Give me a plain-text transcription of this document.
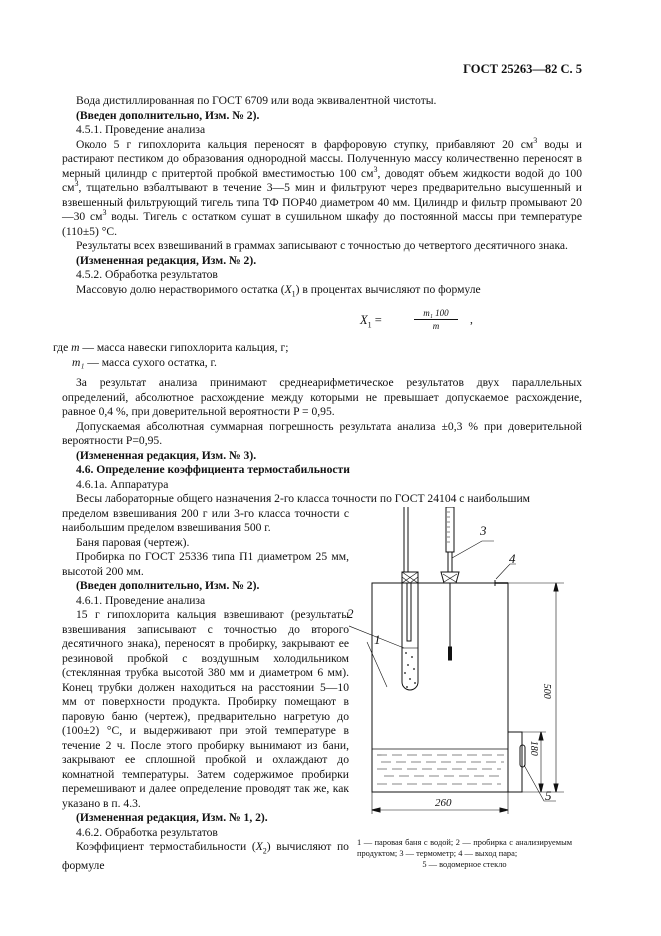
ГОСТ 25263—82 С. 5

Вода дистиллированная по ГОСТ 6709 или вода эквивалентной чистоты.

(Введен дополнительно, Изм. № 2).

4.5.1. Проведение анализа

Около 5 г гипохлорита кальция переносят в фарфоровую ступку, прибавляют 20 $см^3$ воды и растирают пестиком до образования однородной массы. Полученную массу количественно переносят в мерный цилиндр с притертой пробкой вместимостью 100 $см^3$, доводят объем жидкости водой до 100 $см^3$, тщательно взбалтывают в течение 3—5 мин и фильтруют через предварительно высушенный и взвешенный фильтрующий тигель типа ТФ ПОР40 диаметром 40 мм. Цилиндр и фильтр промывают 20—30 $см^3$ воды. Тигель с остатком сушат в сушильном шкафу до постоянной массы при температуре (110±5) °С.

Результаты всех взвешиваний в граммах записывают с точностью до четвертого десятичного знака.

(Измененная редакция, Изм. № 2).

4.5.2. Обработка результатов

Массовую долю нерастворимого остатка $(X_1)$ в процентах вычисляют по формуле

$X_1$ =	$\frac{\text{m₁ 100}}{m}$ ,
где m — масса навески гипохлорита кальция, г;
m₁ — масса сухого остатка, г.

За результат анализа принимают среднеарифметическое результатов двух параллельных определений, абсолютное расхождение между которыми не превышает допускаемое расхождение, равное 0,4 %, при доверительной вероятности P = 0,95.

Допускаемая абсолютная суммарная погрешность результата анализа ±0,3 % при доверительной вероятности P=0,95.

(Измененная редакция, Изм. № 3).

4.6. Определение коэффициента термостабильности

4.6.1а. Аппаратура

Весы лабораторные общего назначения 2-го класса точности по ГОСТ 24104 с наибольшим

1
2
3
4
5
500
180
260
1 — паровая баня с водой; 2 — пробирка с анализируемым продуктом; 3 — термометр; 4 — выход пара;
5 — водомерное стекло

пределом взвешивания 200 г или 3-го класса точности с наибольшим пределом взвешивания 500 г.

Баня паровая (чертеж).

Пробирка по ГОСТ 25336 типа П1 диаметром 25 мм, высотой 200 мм.

(Введен дополнительно, Изм. № 2).

4.6.1. Проведение анализа

15 г гипохлорита кальция взвешивают (результаты взвешивания записывают с точностью до второго десятичного знака), переносят в пробирку, закрывают ее резиновой пробкой с воздушным холодильником (стеклянная трубка высотой 380 мм и диаметром 6 мм). Конец трубки должен находиться на расстоянии 5—10 мм от поверхности продукта. Пробирку помещают в паровую баню (чертеж), предварительно нагретую до (100±2) °С, и выдерживают при этой температуре в течение 2 ч. После этого пробирку вынимают из бани, закрывают ее сплошной пробкой и охлаждают до комнатной температуры. Затем содержимое пробирки перемешивают и далее определение проводят так же, как указано в п. 4.3.

(Измененная редакция, Изм. № 1, 2).

4.6.2. Обработка результатов

Коэффициент термостабильности $(X_2)$ вычисляют по формуле
